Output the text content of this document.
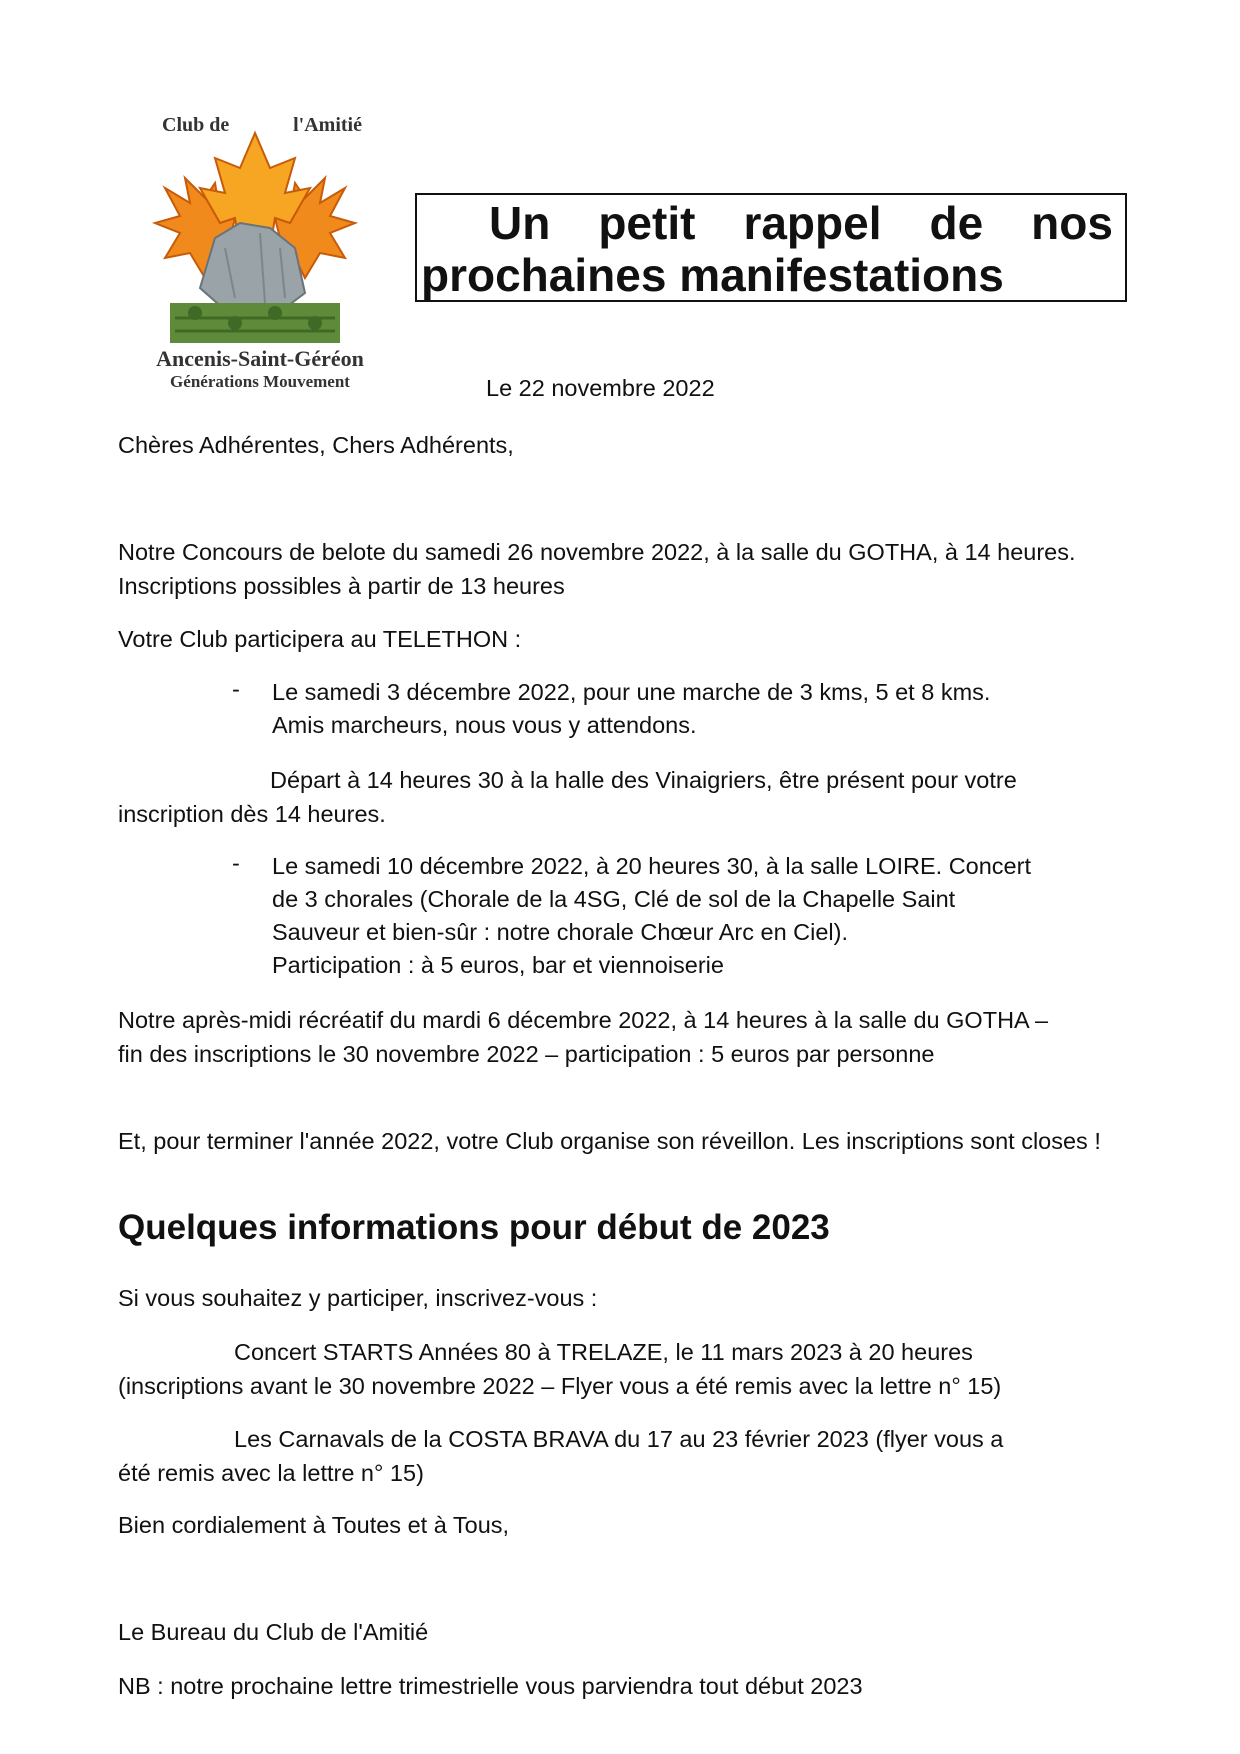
Club de	l'Amitié
Ancenis-Saint-Géréon
Générations Mouvement
Un petit rappel de nos
prochaines manifestations
Le 22 novembre 2022
Chères Adhérentes, Chers Adhérents,
Notre Concours de belote du samedi 26 novembre 2022, à la salle du GOTHA, à 14 heures. Inscriptions possibles à partir de 13 heures
Votre Club participera au TELETHON :
- Le samedi 3 décembre 2022, pour une marche de 3 kms, 5 et 8 kms.
Amis marcheurs, nous vous y attendons.
Départ à 14 heures 30 à la halle des Vinaigriers, être présent pour votre
inscription dès 14 heures.
- Le samedi 10 décembre 2022, à 20 heures 30, à la salle LOIRE. Concert
de 3 chorales (Chorale de la 4SG, Clé de sol de la Chapelle Saint
Sauveur et bien-sûr : notre chorale Chœur Arc en Ciel).
Participation : à 5 euros, bar et viennoiserie
Notre après-midi récréatif du mardi 6 décembre 2022, à 14 heures à la salle du GOTHA – fin des inscriptions le 30 novembre 2022 – participation : 5 euros par personne
Et, pour terminer l'année 2022, votre Club organise son réveillon. Les inscriptions sont closes !
Quelques informations pour début de 2023
Si vous souhaitez y participer, inscrivez-vous :
Concert STARTS Années 80 à TRELAZE, le 11 mars 2023 à 20 heures
(inscriptions avant le 30 novembre 2022 – Flyer vous a été remis avec la lettre n° 15)
Les Carnavals de la COSTA BRAVA du 17 au 23 février 2023 (flyer vous a
été remis avec la lettre n° 15)
Bien cordialement à Toutes et à Tous,
Le Bureau du Club de l'Amitié
NB : notre prochaine lettre trimestrielle vous parviendra tout début 2023
